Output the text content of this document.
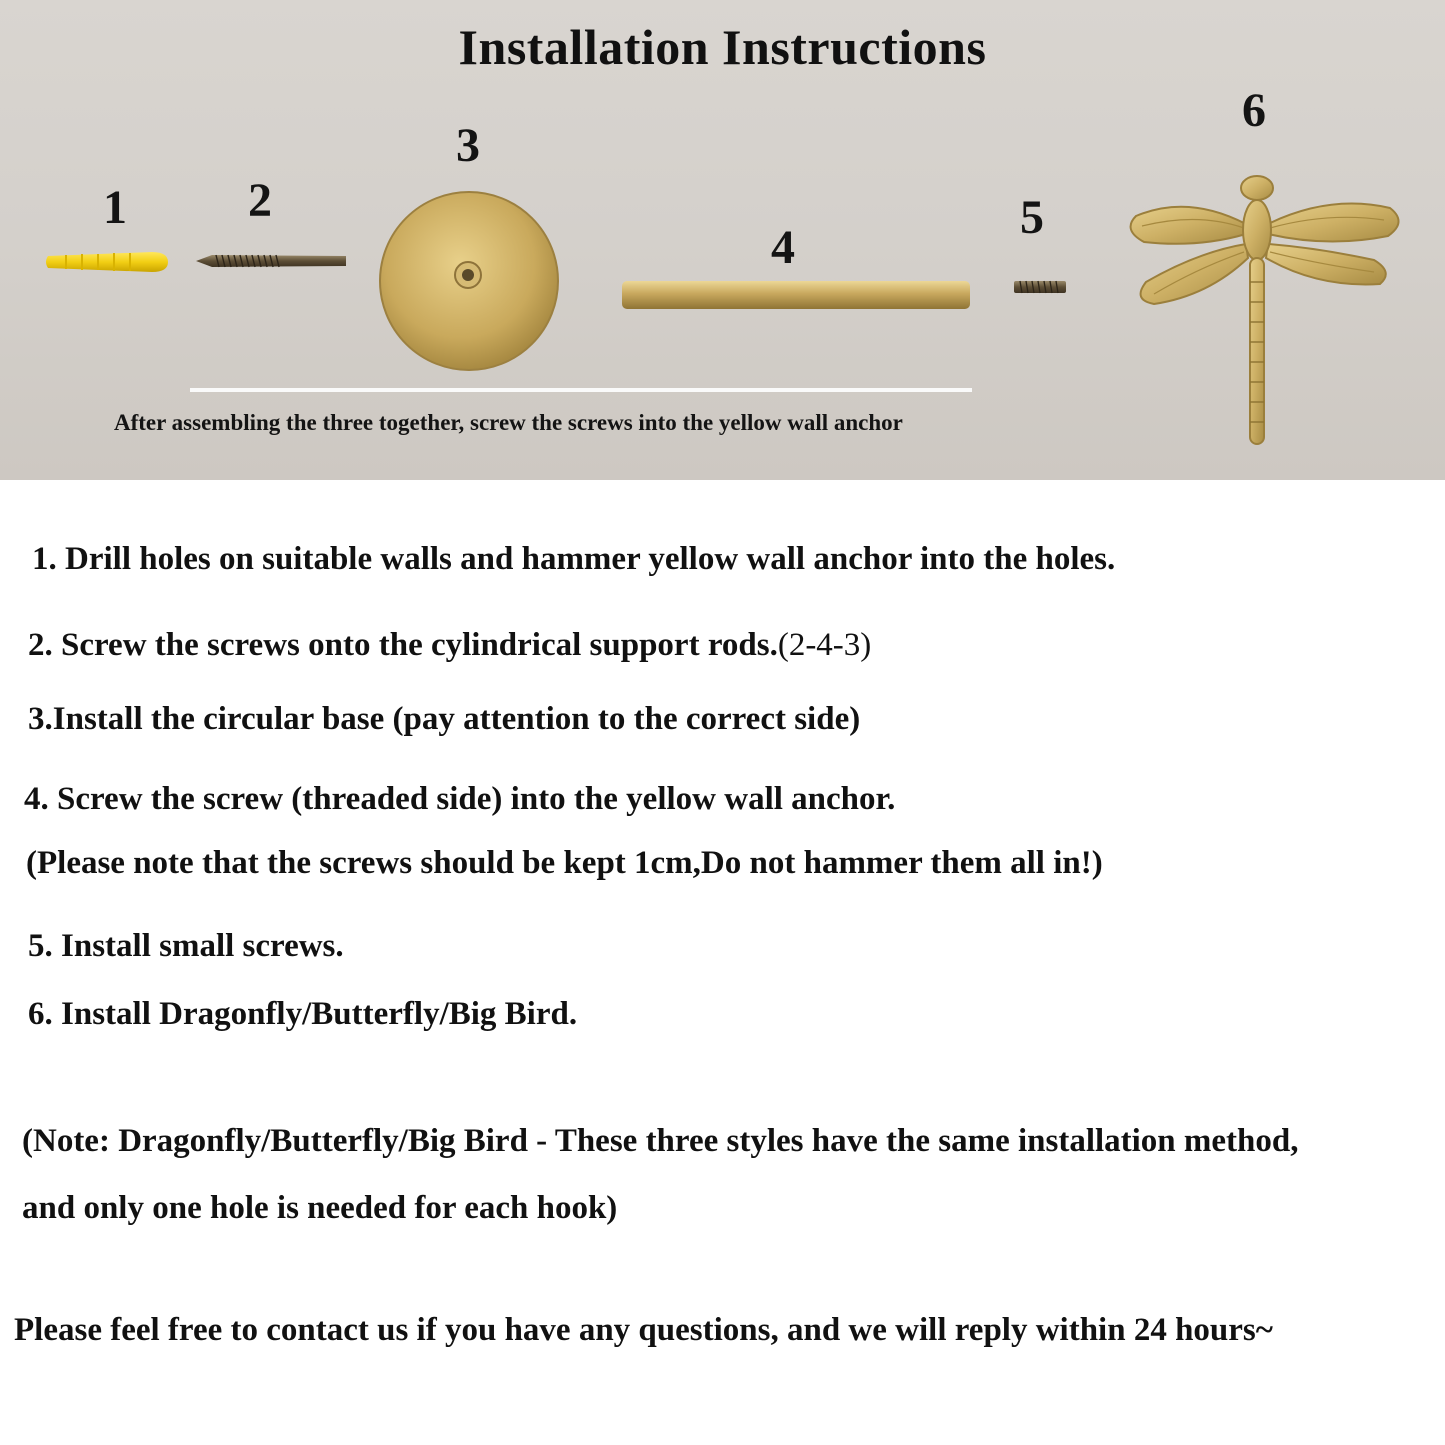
Installation Instructions
1	2
3
4
5
6
After assembling the three together, screw the screws into the yellow wall anchor
1. Drill holes on suitable walls and hammer yellow wall anchor into the holes.
2. Screw the screws onto the cylindrical support rods.(2-4-3)
3.Install the circular base (pay attention to the correct side)
4. Screw the screw (threaded side) into the yellow wall anchor.
(Please note that the screws should be kept 1cm,Do not hammer them all in!)
5. Install small screws.
6. Install Dragonfly/Butterfly/Big Bird.
(Note: Dragonfly/Butterfly/Big Bird - These three styles have the same installation method,
and only one hole is needed for each hook)
Please feel free to contact us if you have any questions, and we will reply within 24 hours~
